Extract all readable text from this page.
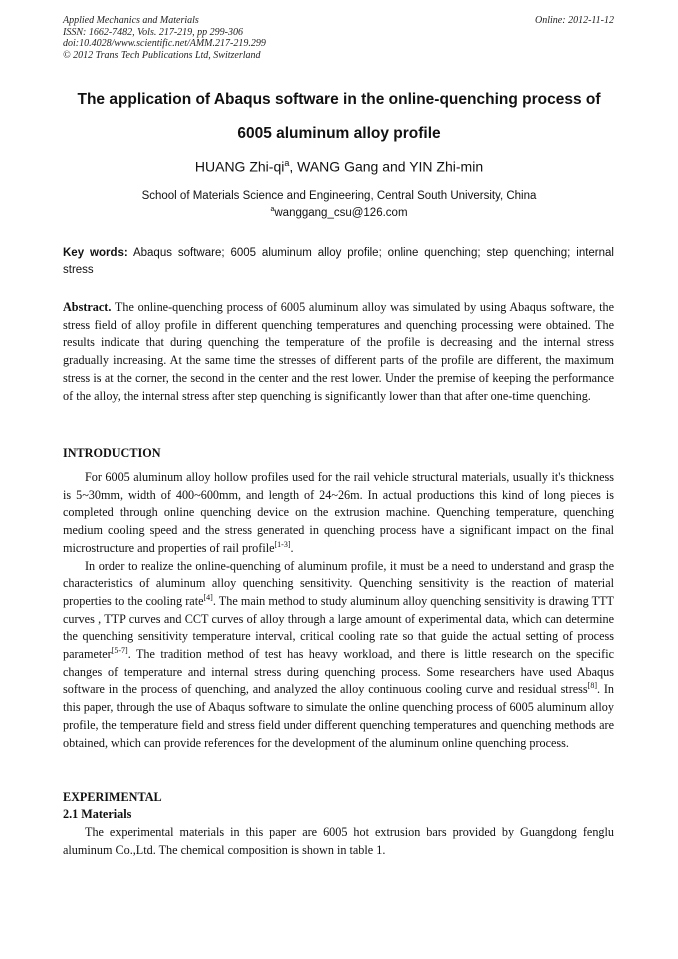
Applied Mechanics and Materials
ISSN: 1662-7482, Vols. 217-219, pp 299-306
doi:10.4028/www.scientific.net/AMM.217-219.299
© 2012 Trans Tech Publications Ltd, Switzerland
Online: 2012-11-12
The application of Abaqus software in the online-quenching process of
6005 aluminum alloy profile
HUANG Zhi-$qi^a$, WANG Gang and YIN Zhi-min
School of Materials Science and Engineering, Central South University, China
$^a$wanggang_csu@126.com
Key words: Abaqus software; 6005 aluminum alloy profile; online quenching; step quenching; internal stress
Abstract. The online-quenching process of 6005 aluminum alloy was simulated by using Abaqus software, the stress field of alloy profile in different quenching temperatures and quenching processing were obtained. The results indicate that during quenching the temperature of the profile is decreasing and the internal stress gradually increasing. At the same time the stresses of different parts of the profile are different, the maximum stress is at the corner, the second in the center and the rest lower. Under the premise of keeping the performance of the alloy, the internal stress after step quenching is significantly lower than that after one-time quenching.
INTRODUCTION

For 6005 aluminum alloy hollow profiles used for the rail vehicle structural materials, usually it's thickness is 5~30mm, width of 400~600mm, and length of 24~26m. In actual productions this kind of long pieces is completed through online quenching device on the extrusion machine. Quenching temperature, quenching medium cooling speed and the stress generated in quenching process have a significant impact on the final microstructure and properties of rail profile[1-3].

In order to realize the online-quenching of aluminum profile, it must be a need to understand and grasp the characteristics of aluminum alloy quenching sensitivity. Quenching sensitivity is the reaction of material properties to the cooling rate[4]. The main method to study aluminum alloy quenching sensitivity is drawing TTT curves , TTP curves and CCT curves of alloy through a large amount of experimental data, which can determine the quenching sensitivity temperature interval, critical cooling rate so that guide the actual setting of process parameter[5-7]. The tradition method of test has heavy workload, and there is little research on the specific changes of temperature and internal stress during quenching process. Some researchers have used Abaqus software in the process of quenching, and analyzed the alloy continuous cooling curve and residual stress[8]. In this paper, through the use of Abaqus software to simulate the online quenching process of 6005 aluminum alloy profile, the temperature field and stress field under different quenching temperatures and quenching methods are obtained, which can provide references for the development of the aluminum online quenching process.

EXPERIMENTAL
2.1 Materials

The experimental materials in this paper are 6005 hot extrusion bars provided by Guangdong fenglu aluminum Co.,Ltd. The chemical composition is shown in table 1.
